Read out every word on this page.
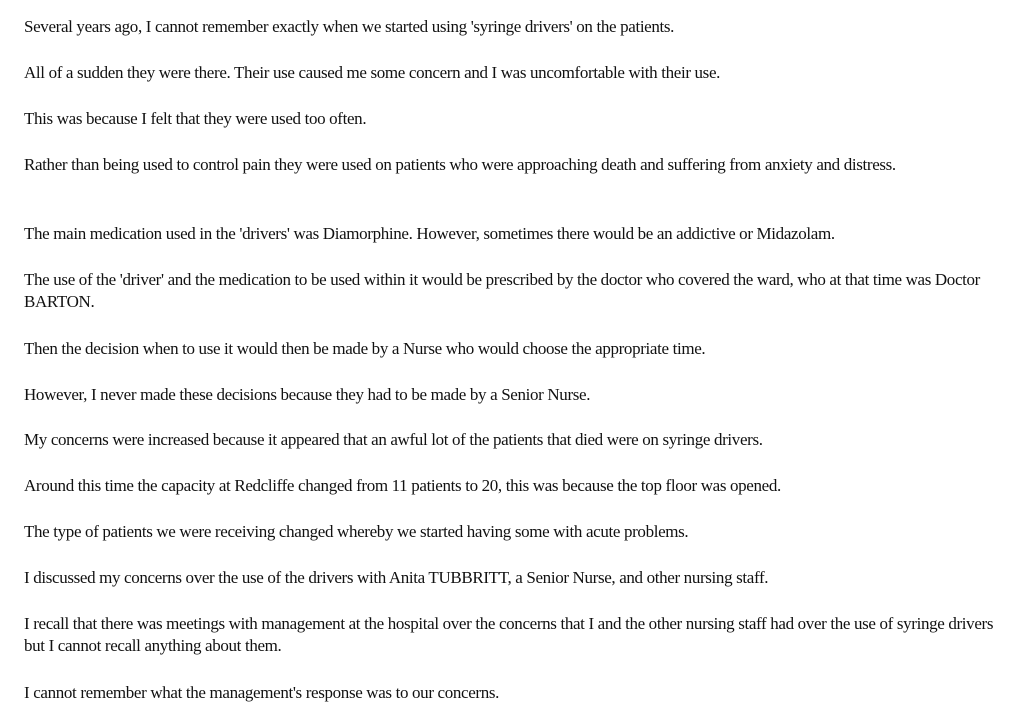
Several years ago, I cannot remember exactly when we started using 'syringe drivers' on the patients.

All of a sudden they were there. Their use caused me some concern and I was uncomfortable with their use.

This was because I felt that they were used too often.

Rather than being used to control pain they were used on patients who were approaching death and suffering from anxiety and distress.

The main medication used in the 'drivers' was Diamorphine. However, sometimes there would be an addictive or Midazolam.

The use of the 'driver' and the medication to be used within it would be prescribed by the doctor who covered the ward, who at that time was Doctor BARTON.

Then the decision when to use it would then be made by a Nurse who would choose the appropriate time.

However, I never made these decisions because they had to be made by a Senior Nurse.

My concerns were increased because it appeared that an awful lot of the patients that died were on syringe drivers.

Around this time the capacity at Redcliffe changed from 11 patients to 20, this was because the top floor was opened.

The type of patients we were receiving changed whereby we started having some with acute problems.

I discussed my concerns over the use of the drivers with Anita TUBBRITT, a Senior Nurse, and other nursing staff.

I recall that there was meetings with management at the hospital over the concerns that I and the other nursing staff had over the use of syringe drivers but I cannot recall anything about them.

I cannot remember what the management's response was to our concerns.
